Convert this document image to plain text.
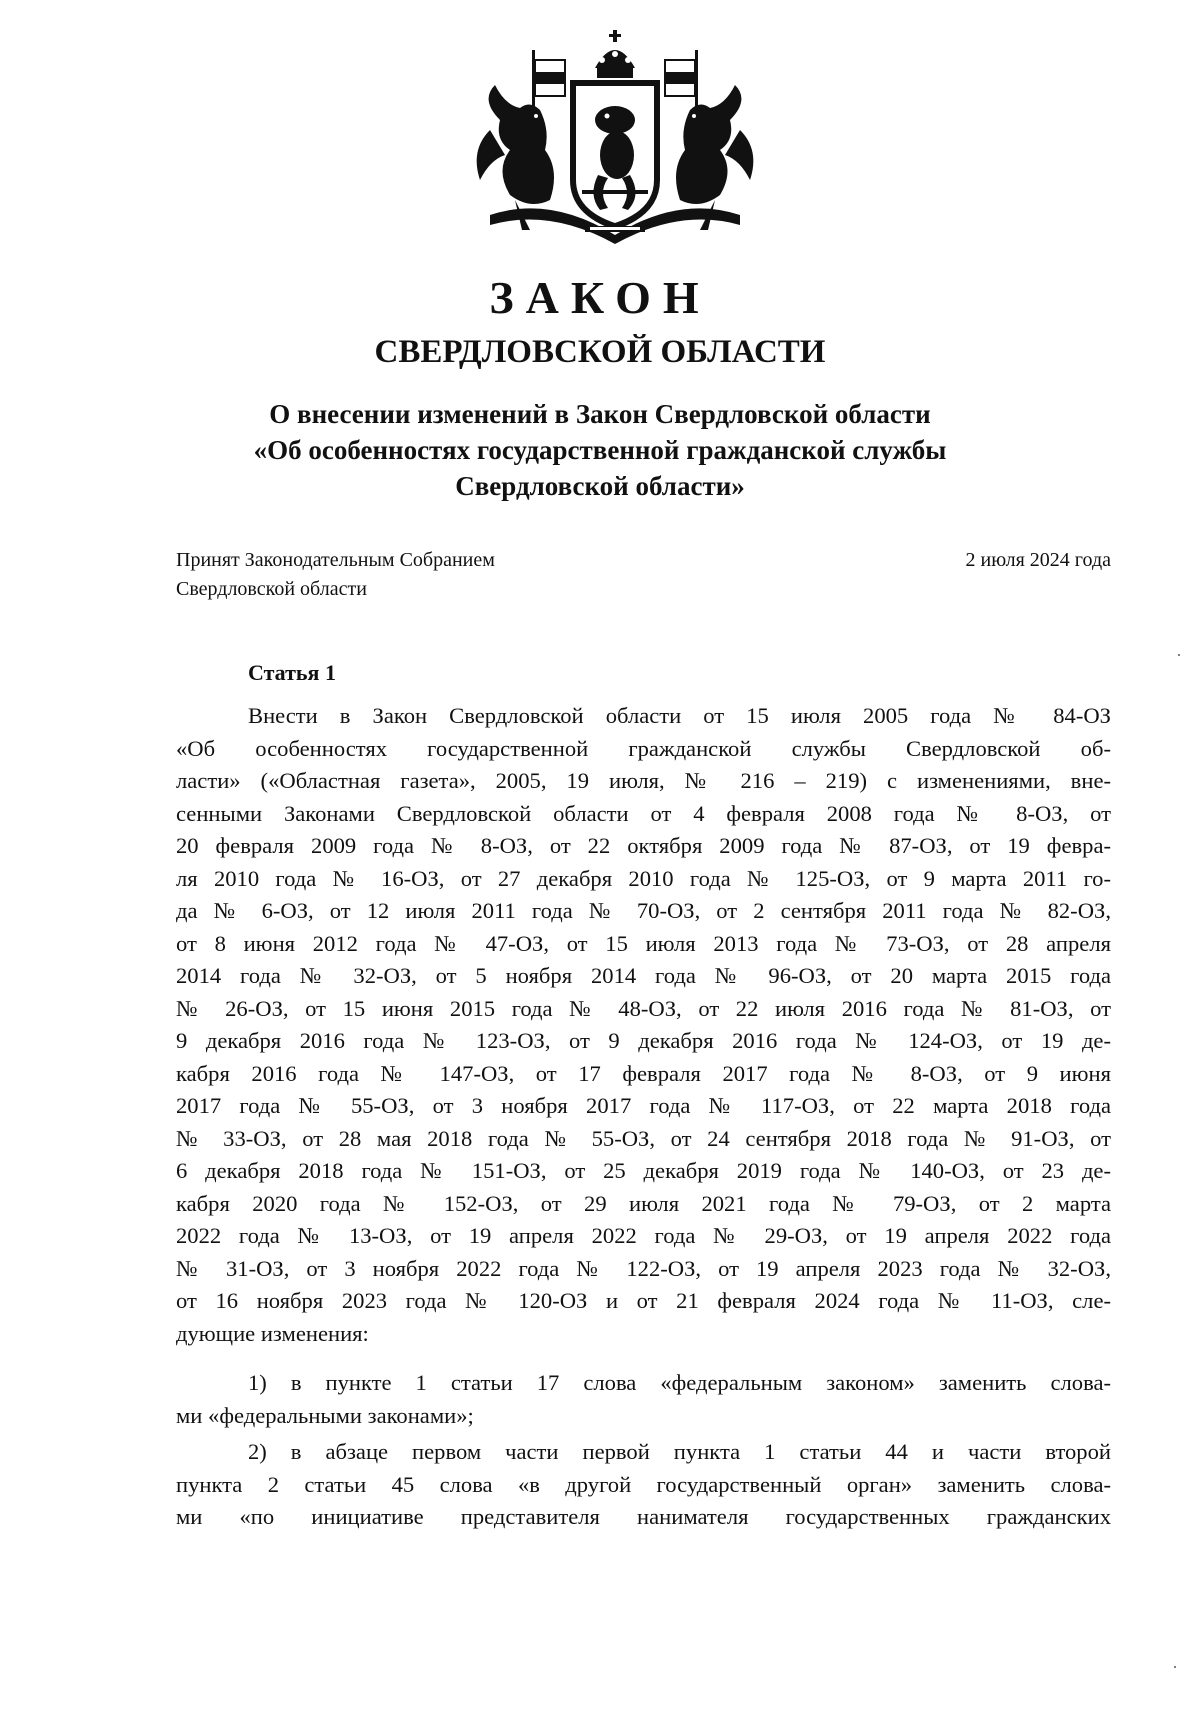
ЗАКОН
СВЕРДЛОВСКОЙ ОБЛАСТИ
О внесении изменений в Закон Свердловской области
«Об особенностях государственной гражданской службы
Свердловской области»
Принят Законодательным Собранием
Свердловской области
2 июля 2024 года
Статья 1
Внести в Закон Свердловской области от 15 июля 2005 года № 84-ОЗ
«Об особенностях государственной гражданской службы Свердловской об-
ласти» («Областная газета», 2005, 19 июля, № 216 – 219) с изменениями, вне-
сенными Законами Свердловской области от 4 февраля 2008 года № 8-ОЗ, от
20 февраля 2009 года № 8-ОЗ, от 22 октября 2009 года № 87-ОЗ, от 19 февра-
ля 2010 года № 16-ОЗ, от 27 декабря 2010 года № 125-ОЗ, от 9 марта 2011 го-
да № 6-ОЗ, от 12 июля 2011 года № 70-ОЗ, от 2 сентября 2011 года № 82-ОЗ,
от 8 июня 2012 года № 47-ОЗ, от 15 июля 2013 года № 73-ОЗ, от 28 апреля
2014 года № 32-ОЗ, от 5 ноября 2014 года № 96-ОЗ, от 20 марта 2015 года
№ 26-ОЗ, от 15 июня 2015 года № 48-ОЗ, от 22 июля 2016 года № 81-ОЗ, от
9 декабря 2016 года № 123-ОЗ, от 9 декабря 2016 года № 124-ОЗ, от 19 де-
кабря 2016 года № 147-ОЗ, от 17 февраля 2017 года № 8-ОЗ, от 9 июня
2017 года № 55-ОЗ, от 3 ноября 2017 года № 117-ОЗ, от 22 марта 2018 года
№ 33-ОЗ, от 28 мая 2018 года № 55-ОЗ, от 24 сентября 2018 года № 91-ОЗ, от
6 декабря 2018 года № 151-ОЗ, от 25 декабря 2019 года № 140-ОЗ, от 23 де-
кабря 2020 года № 152-ОЗ, от 29 июля 2021 года № 79-ОЗ, от 2 марта
2022 года № 13-ОЗ, от 19 апреля 2022 года № 29-ОЗ, от 19 апреля 2022 года
№ 31-ОЗ, от 3 ноября 2022 года № 122-ОЗ, от 19 апреля 2023 года № 32-ОЗ,
от 16 ноября 2023 года № 120-ОЗ и от 21 февраля 2024 года № 11-ОЗ, сле-
дующие изменения:
1) в пункте 1 статьи 17 слова «федеральным законом» заменить слова-
ми «федеральными законами»;
2) в абзаце первом части первой пункта 1 статьи 44 и части второй
пункта 2 статьи 45 слова «в другой государственный орган» заменить слова-
ми «по инициативе представителя нанимателя государственных гражданских
